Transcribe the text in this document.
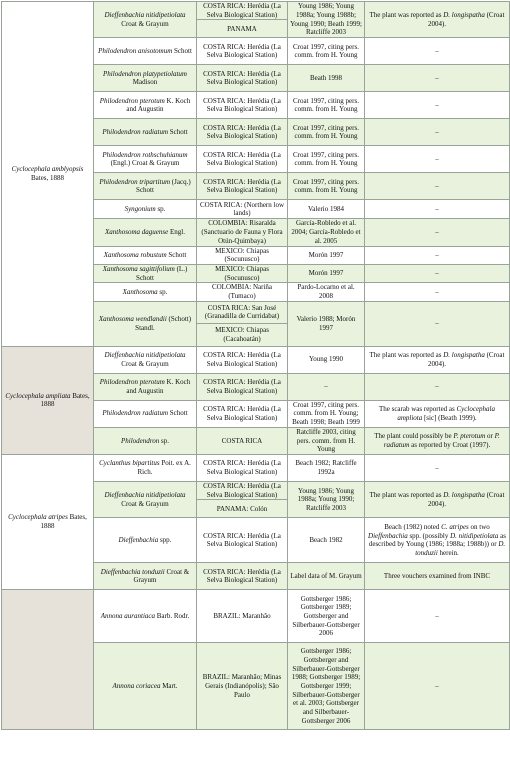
Cyclocephala amblyopsis Bates, 1888	Dieffenbachia nitidipetiolata Croat & Grayum	COSTA RICA: Herédia (La Selva Biological Station)	Young 1986; Young 1988a; Young 1988b; Young 1990; Beath 1999; Ratcliffe 2003	The plant was reported as D. longispatha (Croat 2004).
		PANAMA		
	Philodendron anisotomum Schott	COSTA RICA: Herédia (La Selva Biological Station)	Croat 1997, citing pers. comm. from H. Young	–
	Philodendron platypetiolatum Madison	COSTA RICA: Herédia (La Selva Biological Station)	Beath 1998	–
	Philodendron pterotum K. Koch and Augustin	COSTA RICA: Herédia (La Selva Biological Station)	Croat 1997, citing pers. comm. from H. Young	–
	Philodendron radiatum Schott	COSTA RICA: Herédia (La Selva Biological Station)	Croat 1997, citing pers. comm. from H. Young	–
	Philodendron rothschuhianum (Engl.) Croat & Grayum	COSTA RICA: Herédia (La Selva Biological Station)	Croat 1997, citing pers. comm. from H. Young	–
	Philodendron tripartitum (Jacq.) Schott	COSTA RICA: Herédia (La Selva Biological Station)	Croat 1997, citing pers. comm. from H. Young	–
	Syngonium sp.	COSTA RICA: (Northern low lands)	Valerio 1984	–
	Xanthosoma daguense Engl.	COLOMBIA: Risaralda (Sanctuario de Fauna y Flora Otún-Quimbaya)	García-Robledo et al. 2004; García-Robledo et al. 2005	–
	Xanthosoma robustum Schott	MEXICO: Chiapas (Socunusco)	Morón 1997	–
	Xanthosoma sagittifolium (L.) Schott	MEXICO: Chiapas (Socunusco)	Morón 1997	–
	Xanthosoma sp.	COLOMBIA: Nariña (Tumaco)	Pardo-Locarno et al. 2008	–
	Xanthosoma wendlandii (Schott) Standl.	COSTA RICA: San José (Granadilla de Curridabat)	Valerio 1988; Morón 1997	–
		MEXICO: Chiapas (Cacahoatán)		
Cyclocephala ampliata Bates, 1888	Dieffenbachia nitidipetiolata Croat & Grayum	COSTA RICA: Herédia (La Selva Biological Station)	Young 1990	The plant was reported as D. longispatha (Croat 2004).
	Philodendron pterotum K. Koch and Augustin	COSTA RICA: Herédia (La Selva Biological Station)	–	–
	Philodendron radiatum Schott	COSTA RICA: Herédia (La Selva Biological Station)	Croat 1997, citing pers. comm. from H. Young; Beath 1998; Beath 1999	The scarab was reported as Cyclocephala ampliota [sic] (Beath 1999).
	Philodendron sp.	COSTA RICA	Ratcliffe 2003, citing pers. comm. from H. Young	The plant could possibly be P. pterotum or P. radiatum as reported by Croat (1997).
Cyclocephala atripes Bates, 1888	Cyclanthus bipartitus Poit. ex A. Rich.	COSTA RICA: Herédia (La Selva Biological Station)	Beach 1982; Ratcliffe 1992a	–
	Dieffenbachia nitidipetiolata Croat & Grayum	COSTA RICA: Herédia (La Selva Biological Station)	Young 1986; Young 1988a; Young 1990; Ratcliffe 2003	The plant was reported as D. longispatha (Croat 2004).
		PANAMA: Colón		
	Dieffenbachia spp.	COSTA RICA: Herédia (La Selva Biological Station)	Beach 1982	Beach (1982) noted C. atripes on two Dieffenbachia spp. (possibly D. nitidipetiolata as described by Young (1986; 1988a; 1988b)) or D. tonduzii herein.
	Dieffenbachia tonduzii Croat & Grayum	COSTA RICA: Herédia (La Selva Biological Station)	Label data of M. Grayum	Three vouchers examined from INBC
	Annona aurantiaca Barb. Rodr.	BRAZIL: Maranhão	Gottsberger 1986; Gottsberger 1989; Gottsberger and Silberbauer-Gottsberger 2006	–
	Annona coriacea Mart.	BRAZIL: Maranhão; Minas Gerais (Indianópolis); São Paulo	Gottsberger 1986; Gottsberger and Silberbauer-Gottsberger 1988; Gottsberger 1989; Gottsberger 1999; Silberbauer-Gottsberger et al. 2003; Gottsberger and Silberbauer-Gottsberger 2006	–
